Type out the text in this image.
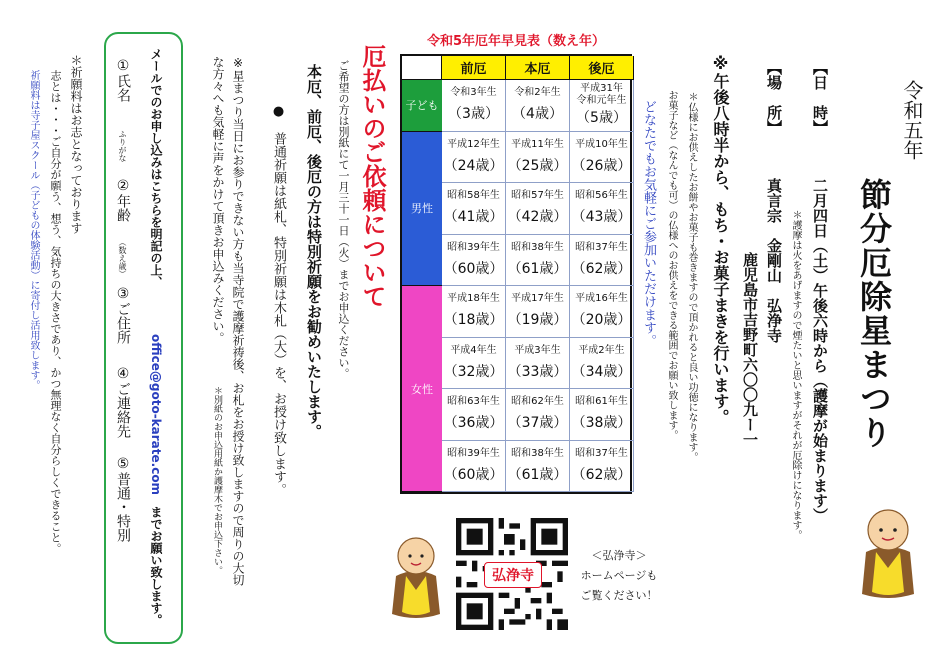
令和五年
節分厄除星まつり
【日　時】
二月四日（土）午後六時から（護摩が始まります）
＊護摩は火をあげますので煙たいと思いますがそれが厄除けになります。
【場　所】
真言宗　金剛山　弘浄寺
鹿児島市吉野町六〇〇九ー一
※午後八時半から、もち・お菓子まきを行います。
＊仏様にお供えしたお餅やお菓子も巻きますので頂かれると良い功徳になります。
お菓子など（なんでも可）の仏様へのお供えをできる範囲でお願い致します。
どなたでもお気軽にご参加いただけます。
令和5年厄年早見表（数え年）
前厄	本厄	後厄
子ども
令和3年生
（3歳）
令和2年生
（4歳）
平成31年
令和元年生
（5歳）
男性
平成12年生
（24歳）
平成11年生
（25歳）
平成10年生
（26歳）
昭和58年生
（41歳）
昭和57年生
（42歳）
昭和56年生
（43歳）
昭和39年生
（60歳）
昭和38年生
（61歳）
昭和37年生
（62歳）
女性
平成18年生
（18歳）
平成17年生
（19歳）
平成16年生
（20歳）
平成4年生
（32歳）
平成3年生
（33歳）
平成2年生
（34歳）
昭和63年生
（36歳）
昭和62年生
（37歳）
昭和61年生
（38歳）
昭和39年生
（60歳）
昭和38年生
（61歳）
昭和37年生
（62歳）
厄払いのご依頼について
ご希望の方は別紙にて一月三十一日（火）までお申込ください。
本厄、前厄、後厄の方は特別祈願をお勧めいたします。
●　普通祈願は紙札、特別祈願は木札（大）を、お授け致します。
＊別紙のお申込用紙か護摩木でお申込下さい。 ※星まつり当日にお参りできない方も当寺院で護摩祈祷後、お札をお授け致しますので周りの大切
な方々へも気軽に声をかけて頂きお申込みください。
メールでのお申し込みはこちらを明記の上、
office@goto-karate.com
までお願い致します。
①氏名
ふりがな
②年齢
（数え歳）
③ご住所
④ご連絡先
⑤普通・特別
＊祈願料はお志となっております
志とは・・・ご自分が願う、想う、気持ちの大きさであり、かつ無理なく自分らしくできること。
祈願料は寺子屋スクール（子どもの体験活動）に寄付し活用致します。
弘浄寺
＜弘浄寺＞
ホームページも
ご覧ください！
